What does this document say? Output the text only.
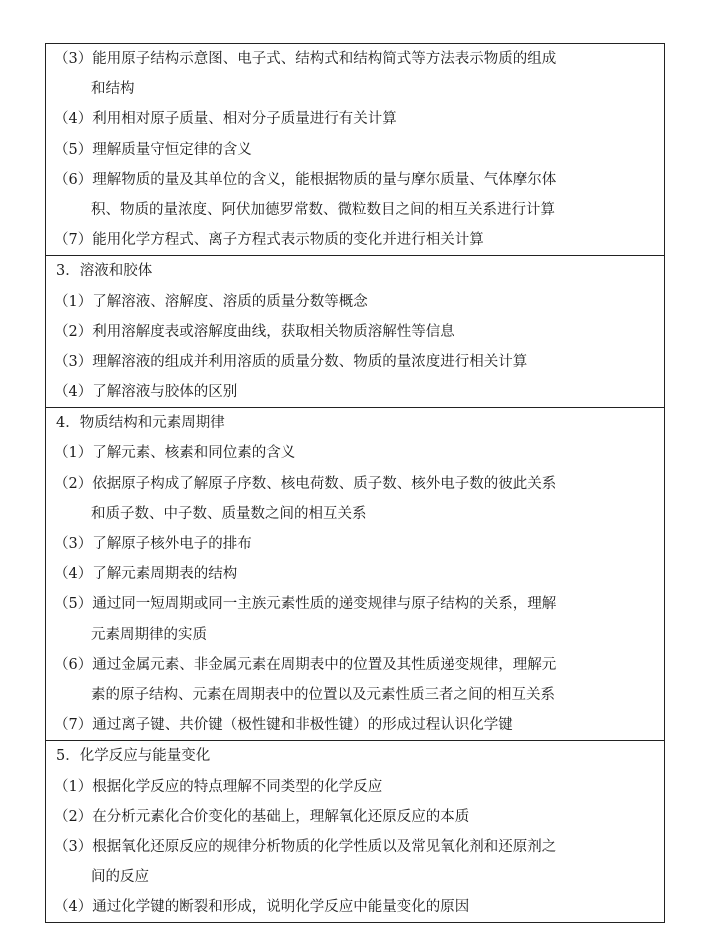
（3）能用原子结构示意图、电子式、结构式和结构简式等方法表示物质的组成
和结构
（4）利用相对原子质量、相对分子质量进行有关计算
（5）理解质量守恒定律的含义
（6）理解物质的量及其单位的含义，能根据物质的量与摩尔质量、气体摩尔体
积、物质的量浓度、阿伏加德罗常数、微粒数目之间的相互关系进行计算
（7）能用化学方程式、离子方程式表示物质的变化并进行相关计算
3．溶液和胶体
（1）了解溶液、溶解度、溶质的质量分数等概念
（2）利用溶解度表或溶解度曲线，获取相关物质溶解性等信息
（3）理解溶液的组成并利用溶质的质量分数、物质的量浓度进行相关计算
（4）了解溶液与胶体的区别
4．物质结构和元素周期律
（1）了解元素、核素和同位素的含义
（2）依据原子构成了解原子序数、核电荷数、质子数、核外电子数的彼此关系
和质子数、中子数、质量数之间的相互关系
（3）了解原子核外电子的排布
（4）了解元素周期表的结构
（5）通过同一短周期或同一主族元素性质的递变规律与原子结构的关系，理解
元素周期律的实质
（6）通过金属元素、非金属元素在周期表中的位置及其性质递变规律，理解元
素的原子结构、元素在周期表中的位置以及元素性质三者之间的相互关系
（7）通过离子键、共价键（极性键和非极性键）的形成过程认识化学键
5．化学反应与能量变化
（1）根据化学反应的特点理解不同类型的化学反应
（2）在分析元素化合价变化的基础上，理解氧化还原反应的本质
（3）根据氧化还原反应的规律分析物质的化学性质以及常见氧化剂和还原剂之
间的反应
（4）通过化学键的断裂和形成，说明化学反应中能量变化的原因
